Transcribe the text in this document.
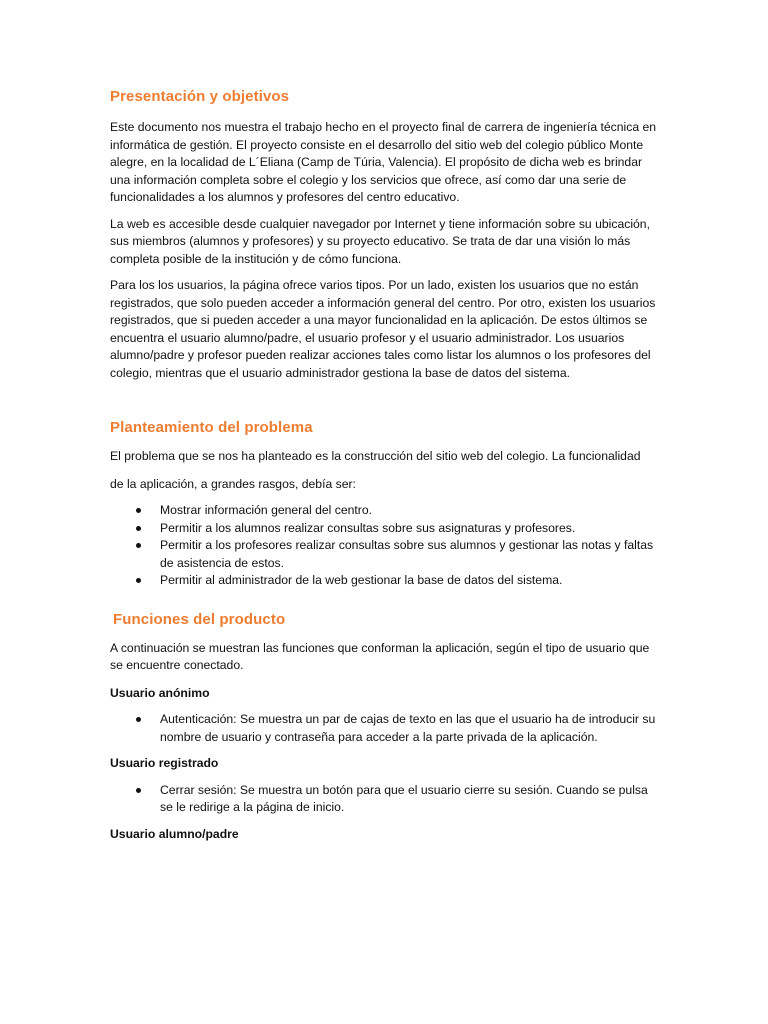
Presentación y objetivos

Este documento nos muestra el trabajo hecho en el proyecto final de carrera de ingeniería técnica en informática de gestión. El proyecto consiste en el desarrollo del sitio web del colegio público Monte alegre, en la localidad de L´Eliana (Camp de Túria, Valencia). El propósito de dicha web es brindar una información completa sobre el colegio y los servicios que ofrece, así como dar una serie de funcionalidades a los alumnos y profesores del centro educativo.

La web es accesible desde cualquier navegador por Internet y tiene información sobre su ubicación, sus miembros (alumnos y profesores) y su proyecto educativo. Se trata de dar una visión lo más completa posible de la institución y de cómo funciona.

Para los los usuarios, la página ofrece varios tipos. Por un lado, existen los usuarios que no están registrados, que solo pueden acceder a información general del centro. Por otro, existen los usuarios registrados, que si pueden acceder a una mayor funcionalidad en la aplicación. De estos últimos se encuentra el usuario alumno/padre, el usuario profesor y el usuario administrador. Los usuarios alumno/padre y profesor pueden realizar acciones tales como listar los alumnos o los profesores del colegio, mientras que el usuario administrador gestiona la base de datos del sistema.

Planteamiento del problema

El problema que se nos ha planteado es la construcción del sitio web del colegio. La funcionalidad

de la aplicación, a grandes rasgos, debía ser:

Mostrar información general del centro.
Permitir a los alumnos realizar consultas sobre sus asignaturas y profesores.
Permitir a los profesores realizar consultas sobre sus alumnos y gestionar las notas y faltas de asistencia de estos.
Permitir al administrador de la web gestionar la base de datos del sistema.
Funciones del producto

A continuación se muestran las funciones que conforman la aplicación, según el tipo de usuario que se encuentre conectado.

Usuario anónimo

Autenticación: Se muestra un par de cajas de texto en las que el usuario ha de introducir su nombre de usuario y contraseña para acceder a la parte privada de la aplicación.

Usuario registrado

Cerrar sesión: Se muestra un botón para que el usuario cierre su sesión. Cuando se pulsa se le redirige a la página de inicio.

Usuario alumno/padre
